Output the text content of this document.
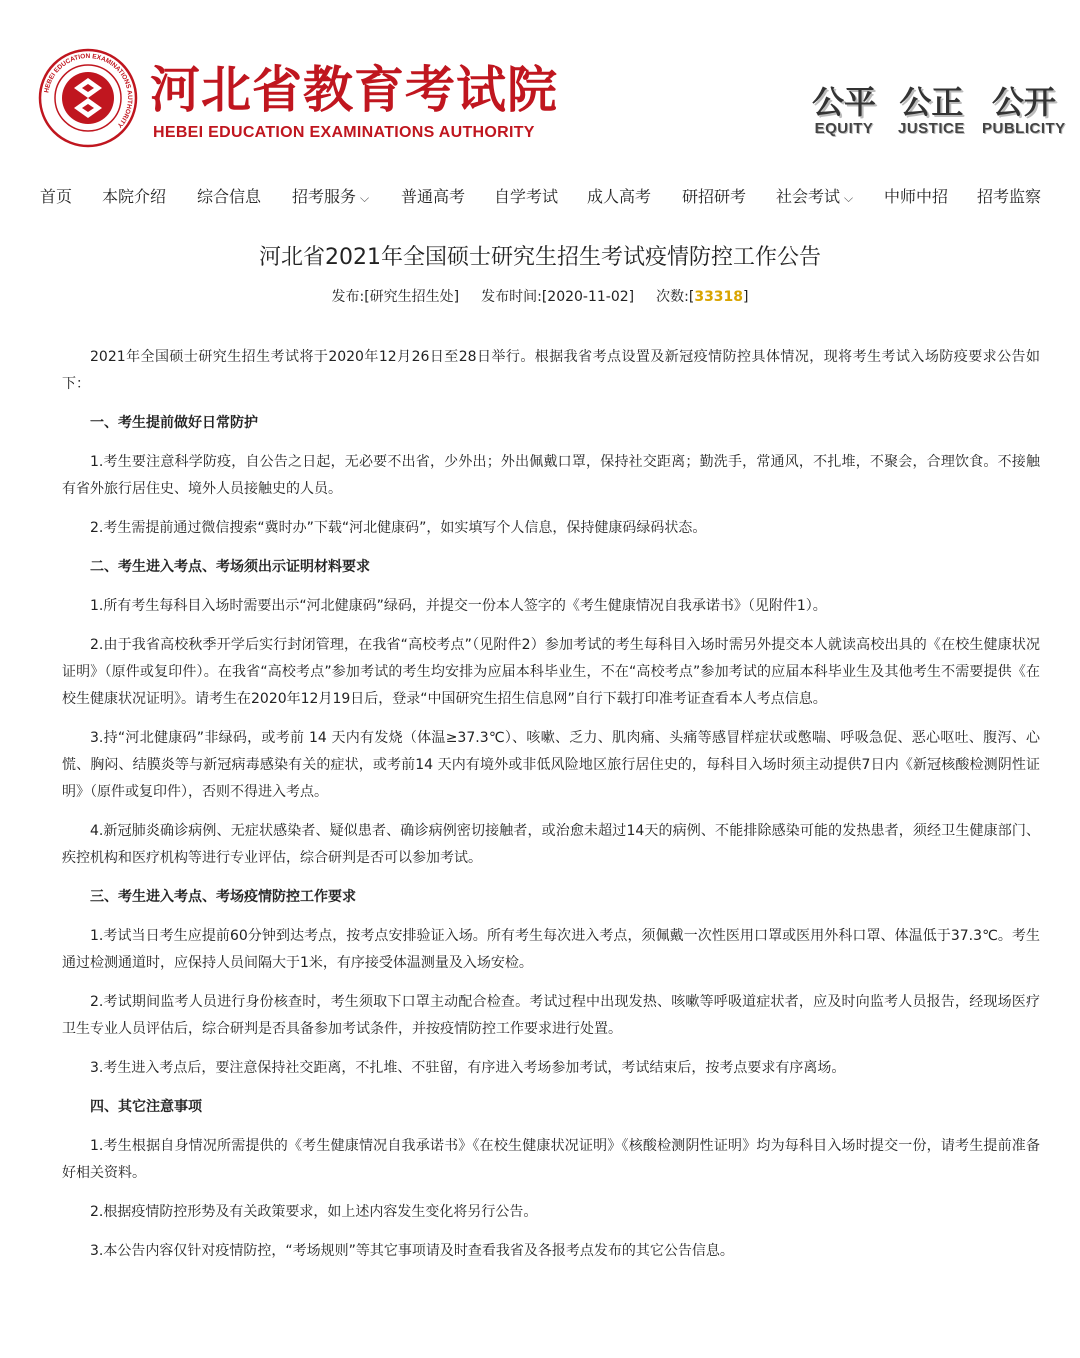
HEBEI EDUCATION EXAMINATIONS AUTHORITY
河北省教育考试院
HEBEI EDUCATION EXAMINATIONS AUTHORITY
公平
EQUITY
公正
JUSTICE
公开
PUBLICITY
首页 本院介绍 综合信息 招考服务 ⌵ 普通高考 自学考试 成人高考 研招研考 社会考试 ⌵ 中师中招 招考监察
河北省2021年全国硕士研究生招生考试疫情防控工作公告
发布:[研究生招生处] 发布时间:[2020-11-02] 次数:[33318]

2021年全国硕士研究生招生考试将于2020年12月26日至28日举行。根据我省考点设置及新冠疫情防控具体情况，现将考生考试入场防疫要求公告如下：

一、考生提前做好日常防护

1.考生要注意科学防疫，自公告之日起，无必要不出省，少外出；外出佩戴口罩，保持社交距离；勤洗手，常通风，不扎堆，不聚会，合理饮食。不接触有省外旅行居住史、境外人员接触史的人员。

2.考生需提前通过微信搜索“冀时办”下载“河北健康码”，如实填写个人信息，保持健康码绿码状态。

二、考生进入考点、考场须出示证明材料要求

1.所有考生每科目入场时需要出示“河北健康码”绿码，并提交一份本人签字的《考生健康情况自我承诺书》（见附件1）。

2.由于我省高校秋季开学后实行封闭管理，在我省“高校考点”（见附件2）参加考试的考生每科目入场时需另外提交本人就读高校出具的《在校生健康状况证明》（原件或复印件）。在我省“高校考点”参加考试的考生均安排为应届本科毕业生，不在“高校考点”参加考试的应届本科毕业生及其他考生不需要提供《在校生健康状况证明》。请考生在2020年12月19日后，登录“中国研究生招生信息网”自行下载打印准考证查看本人考点信息。

3.持“河北健康码”非绿码，或考前 14 天内有发烧（体温≥37.3℃）、咳嗽、乏力、肌肉痛、头痛等感冒样症状或憋喘、呼吸急促、恶心呕吐、腹泻、心慌、胸闷、结膜炎等与新冠病毒感染有关的症状，或考前14 天内有境外或非低风险地区旅行居住史的，每科目入场时须主动提供7日内《新冠核酸检测阴性证明》（原件或复印件），否则不得进入考点。

4.新冠肺炎确诊病例、无症状感染者、疑似患者、确诊病例密切接触者，或治愈未超过14天的病例、不能排除感染可能的发热患者，须经卫生健康部门、疾控机构和医疗机构等进行专业评估，综合研判是否可以参加考试。

三、考生进入考点、考场疫情防控工作要求

1.考试当日考生应提前60分钟到达考点，按考点安排验证入场。所有考生每次进入考点，须佩戴一次性医用口罩或医用外科口罩、体温低于37.3℃。考生通过检测通道时，应保持人员间隔大于1米，有序接受体温测量及入场安检。

2.考试期间监考人员进行身份核查时，考生须取下口罩主动配合检查。考试过程中出现发热、咳嗽等呼吸道症状者，应及时向监考人员报告，经现场医疗卫生专业人员评估后，综合研判是否具备参加考试条件，并按疫情防控工作要求进行处置。

3.考生进入考点后，要注意保持社交距离，不扎堆、不驻留，有序进入考场参加考试，考试结束后，按考点要求有序离场。

四、其它注意事项

1.考生根据自身情况所需提供的《考生健康情况自我承诺书》《在校生健康状况证明》《核酸检测阴性证明》均为每科目入场时提交一份，请考生提前准备好相关资料。

2.根据疫情防控形势及有关政策要求，如上述内容发生变化将另行公告。

3.本公告内容仅针对疫情防控，“考场规则”等其它事项请及时查看我省及各报考点发布的其它公告信息。
